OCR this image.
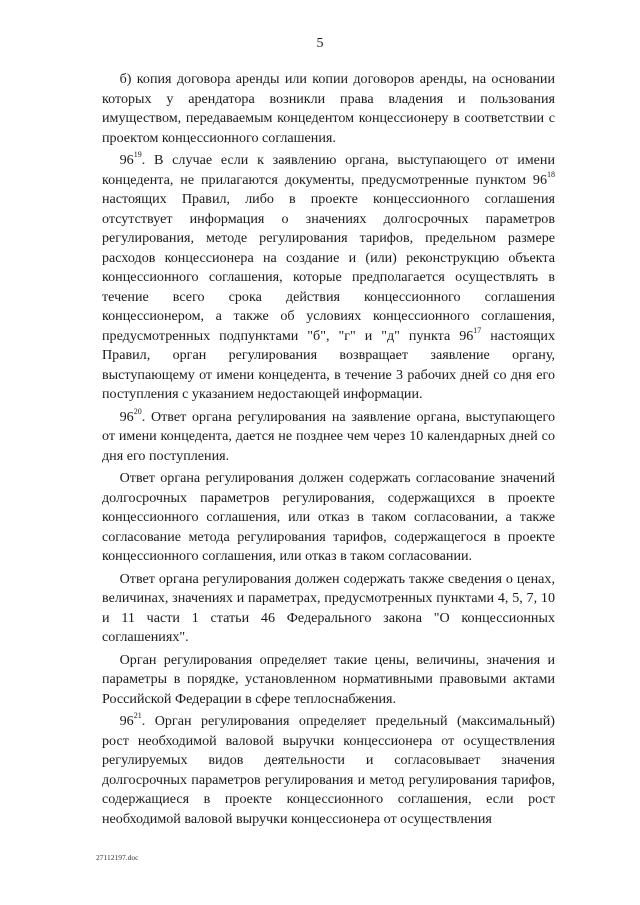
5

б) копия договора аренды или копии договоров аренды, на основании которых у арендатора возникли права владения и пользования имуществом, передаваемым концедентом концессионеру в соответствии с проектом концессионного соглашения.

$96^{19}$. В случае если к заявлению органа, выступающего от имени концедента, не прилагаются документы, предусмотренные пунктом $96^{18}$ настоящих Правил, либо в проекте концессионного соглашения отсутствует информация о значениях долгосрочных параметров регулирования, методе регулирования тарифов, предельном размере расходов концессионера на создание и (или) реконструкцию объекта концессионного соглашения, которые предполагается осуществлять в течение всего срока действия концессионного соглашения концессионером, а также об условиях концессионного соглашения, предусмотренных подпунктами "б", "г" и "д" пункта $96^{17}$ настоящих Правил, орган регулирования возвращает заявление органу, выступающему от имени концедента, в течение 3 рабочих дней со дня его поступления с указанием недостающей информации.

$96^{20}$. Ответ органа регулирования на заявление органа, выступающего от имени концедента, дается не позднее чем через 10 календарных дней со дня его поступления.

Ответ органа регулирования должен содержать согласование значений долгосрочных параметров регулирования, содержащихся в проекте концессионного соглашения, или отказ в таком согласовании, а также согласование метода регулирования тарифов, содержащегося в проекте концессионного соглашения, или отказ в таком согласовании.

Ответ органа регулирования должен содержать также сведения о ценах, величинах, значениях и параметрах, предусмотренных пунктами 4, 5, 7, 10 и 11 части 1 статьи 46 Федерального закона "О концессионных соглашениях".

Орган регулирования определяет такие цены, величины, значения и параметры в порядке, установленном нормативными правовыми актами Российской Федерации в сфере теплоснабжения.

$96^{21}$. Орган регулирования определяет предельный (максимальный) рост необходимой валовой выручки концессионера от осуществления регулируемых видов деятельности и согласовывает значения долгосрочных параметров регулирования и метод регулирования тарифов, содержащиеся в проекте концессионного соглашения, если рост необходимой валовой выручки концессионера от осуществления

27112197.doc
